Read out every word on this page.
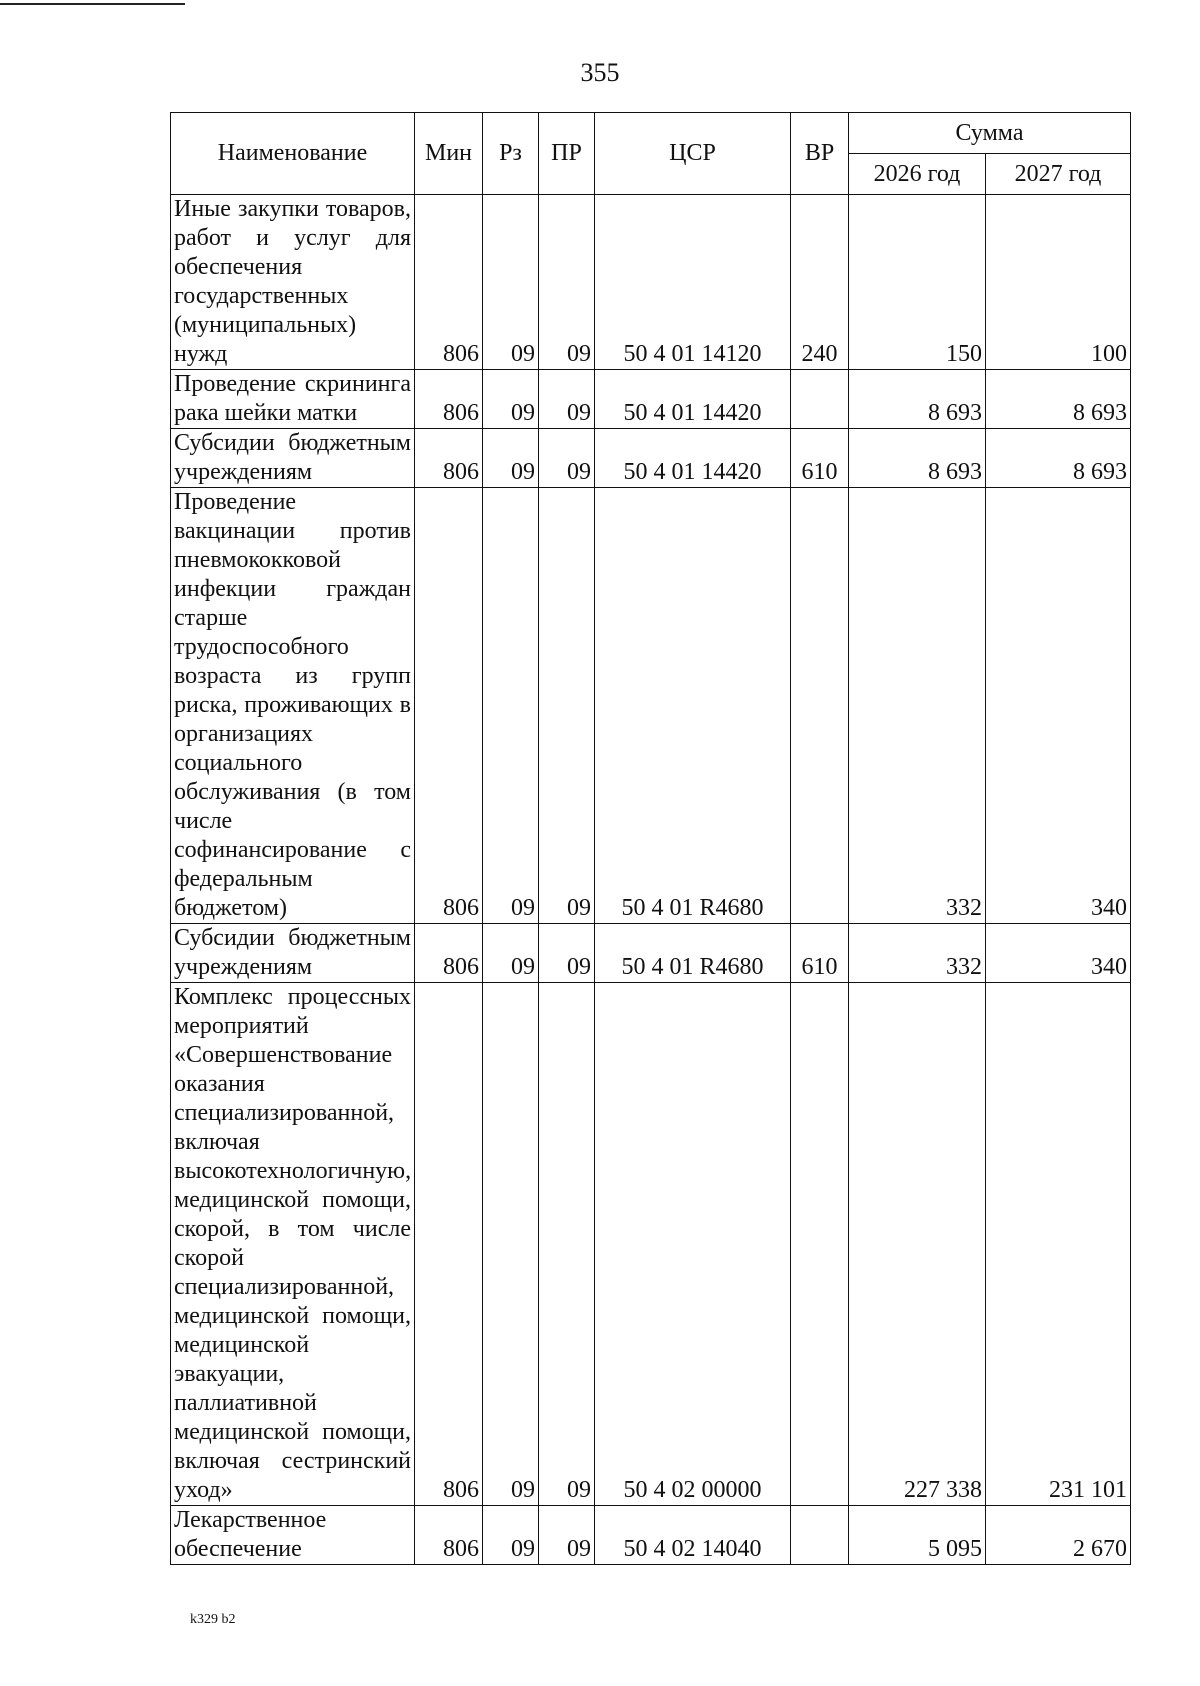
355
Наименование	Мин	Рз	ПР	ЦСР	ВР	Сумма	
						2026 год	2027 год
Иные закупки товаров, работ и услуг для обеспечения государственных (муниципальных) нужд	806	09	09	50 4 01 14120	240	150	100
Проведение скрининга рака шейки матки	806	09	09	50 4 01 14420		8 693	8 693
Субсидии бюджетным учреждениям	806	09	09	50 4 01 14420	610	8 693	8 693
Проведение вакцинации против пневмококковой инфекции граждан старше трудоспособного возраста из групп риска, проживающих в организациях социального обслуживания (в том числе софинансирование с федеральным бюджетом)	806	09	09	50 4 01 R4680		332	340
Субсидии бюджетным учреждениям	806	09	09	50 4 01 R4680	610	332	340
Комплекс процессных мероприятий «Совершенствование оказания специализированной, включая высокотехнологичную, медицинской помощи, скорой, в том числе скорой специализированной, медицинской помощи, медицинской эвакуации, паллиативной медицинской помощи, включая сестринский уход»	806	09	09	50 4 02 00000		227 338	231 101
Лекарственное обеспечение	806	09	09	50 4 02 14040		5 095	2 670
k329 b2
